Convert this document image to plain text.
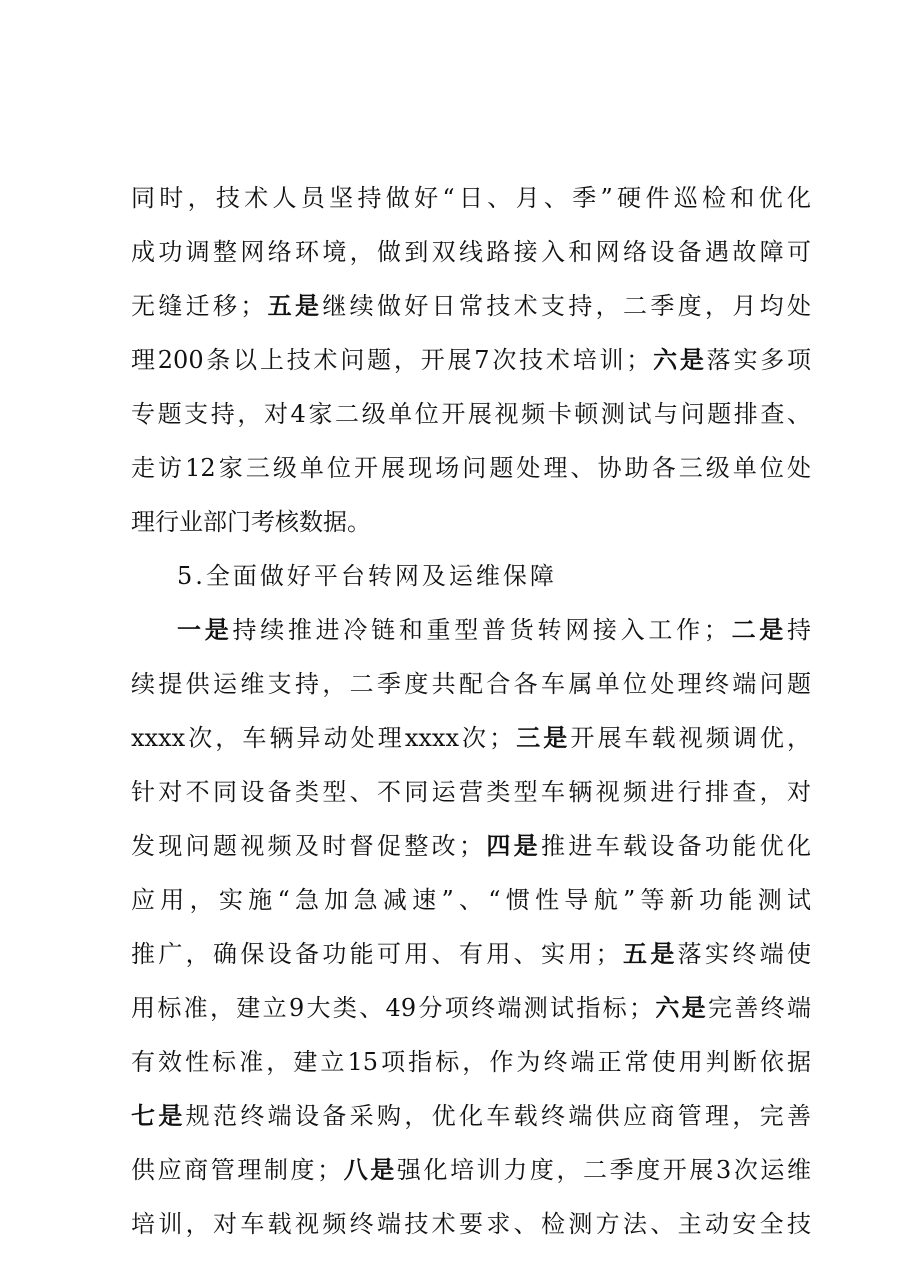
同时，技术人员坚持做好“日、月、季”硬件巡检和优化
成功调整网络环境，做到双线路接入和网络设备遇故障可
无缝迁移；五是继续做好日常技术支持，二季度，月均处
理200条以上技术问题，开展7次技术培训；六是落实多项
专题支持，对4家二级单位开展视频卡顿测试与问题排查、
走访12家三级单位开展现场问题处理、协助各三级单位处
理行业部门考核数据。
5.全面做好平台转网及运维保障
一是持续推进冷链和重型普货转网接入工作；二是持
续提供运维支持，二季度共配合各车属单位处理终端问题
xxxx次，车辆异动处理xxxx次；三是开展车载视频调优，
针对不同设备类型、不同运营类型车辆视频进行排查，对
发现问题视频及时督促整改；四是推进车载设备功能优化
应用，实施“急加急减速”、“惯性导航”等新功能测试
推广，确保设备功能可用、有用、实用；五是落实终端使
用标准，建立9大类、49分项终端测试指标；六是完善终端
有效性标准，建立15项指标，作为终端正常使用判断依据
七是规范终端设备采购，优化车载终端供应商管理，完善
供应商管理制度；八是强化培训力度，二季度开展3次运维
培训，对车载视频终端技术要求、检测方法、主动安全技
